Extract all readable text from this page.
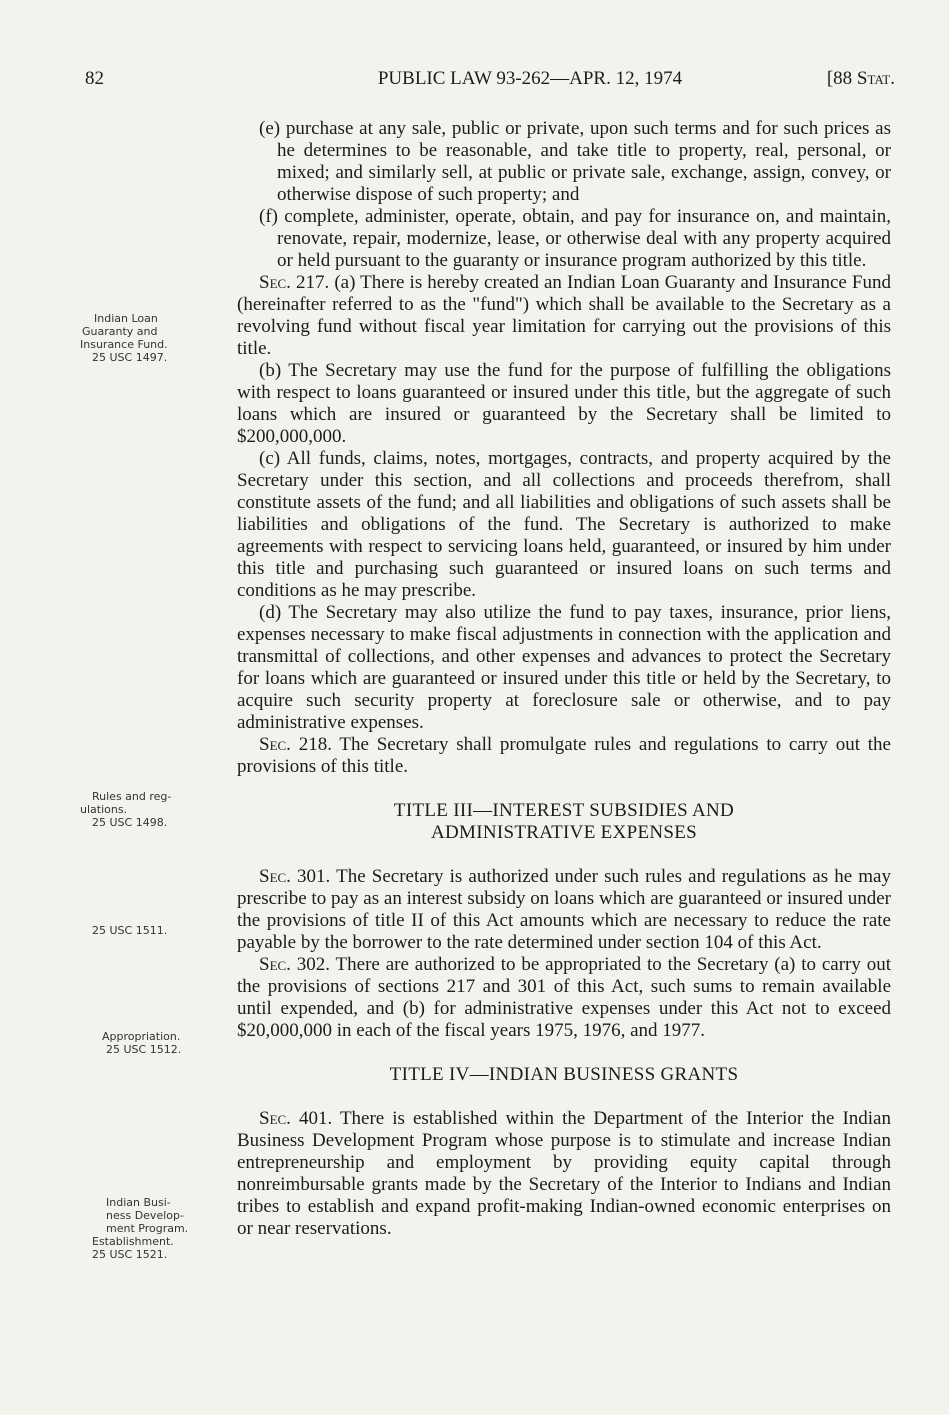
82	PUBLIC LAW 93-262—APR. 12, 1974	[88 Stat.
Indian Loan
Guaranty and
Insurance Fund.
25 USC 1497.
Rules and reg-
ulations.
25 USC 1498.
25 USC 1511.
Appropriation.
25 USC 1512.
Indian Busi-
ness Develop-
ment Program.
Establishment.
25 USC 1521.

(e) purchase at any sale, public or private, upon such terms and for such prices as he determines to be reasonable, and take title to property, real, personal, or mixed; and similarly sell, at public or private sale, exchange, assign, convey, or otherwise dispose of such property; and

(f) complete, administer, operate, obtain, and pay for insurance on, and maintain, renovate, repair, modernize, lease, or otherwise deal with any property acquired or held pursuant to the guaranty or insurance program authorized by this title.

Sec. 217. (a) There is hereby created an Indian Loan Guaranty and Insurance Fund (hereinafter referred to as the "fund") which shall be available to the Secretary as a revolving fund without fiscal year limitation for carrying out the provisions of this title.

(b) The Secretary may use the fund for the purpose of fulfilling the obligations with respect to loans guaranteed or insured under this title, but the aggregate of such loans which are insured or guaranteed by the Secretary shall be limited to $200,000,000.

(c) All funds, claims, notes, mortgages, contracts, and property acquired by the Secretary under this section, and all collections and proceeds therefrom, shall constitute assets of the fund; and all liabilities and obligations of such assets shall be liabilities and obligations of the fund. The Secretary is authorized to make agreements with respect to servicing loans held, guaranteed, or insured by him under this title and purchasing such guaranteed or insured loans on such terms and conditions as he may prescribe.

(d) The Secretary may also utilize the fund to pay taxes, insurance, prior liens, expenses necessary to make fiscal adjustments in connection with the application and transmittal of collections, and other expenses and advances to protect the Secretary for loans which are guaranteed or insured under this title or held by the Secretary, to acquire such security property at foreclosure sale or otherwise, and to pay administrative expenses.

Sec. 218. The Secretary shall promulgate rules and regulations to carry out the provisions of this title.

TITLE III—INTEREST SUBSIDIES AND

ADMINISTRATIVE EXPENSES

Sec. 301. The Secretary is authorized under such rules and regulations as he may prescribe to pay as an interest subsidy on loans which are guaranteed or insured under the provisions of title II of this Act amounts which are necessary to reduce the rate payable by the borrower to the rate determined under section 104 of this Act.

Sec. 302. There are authorized to be appropriated to the Secretary (a) to carry out the provisions of sections 217 and 301 of this Act, such sums to remain available until expended, and (b) for administrative expenses under this Act not to exceed $20,000,000 in each of the fiscal years 1975, 1976, and 1977.

TITLE IV—INDIAN BUSINESS GRANTS

Sec. 401. There is established within the Department of the Interior the Indian Business Development Program whose purpose is to stimulate and increase Indian entrepreneurship and employment by providing equity capital through nonreimbursable grants made by the Secretary of the Interior to Indians and Indian tribes to establish and expand profit-making Indian-owned economic enterprises on or near reservations.
